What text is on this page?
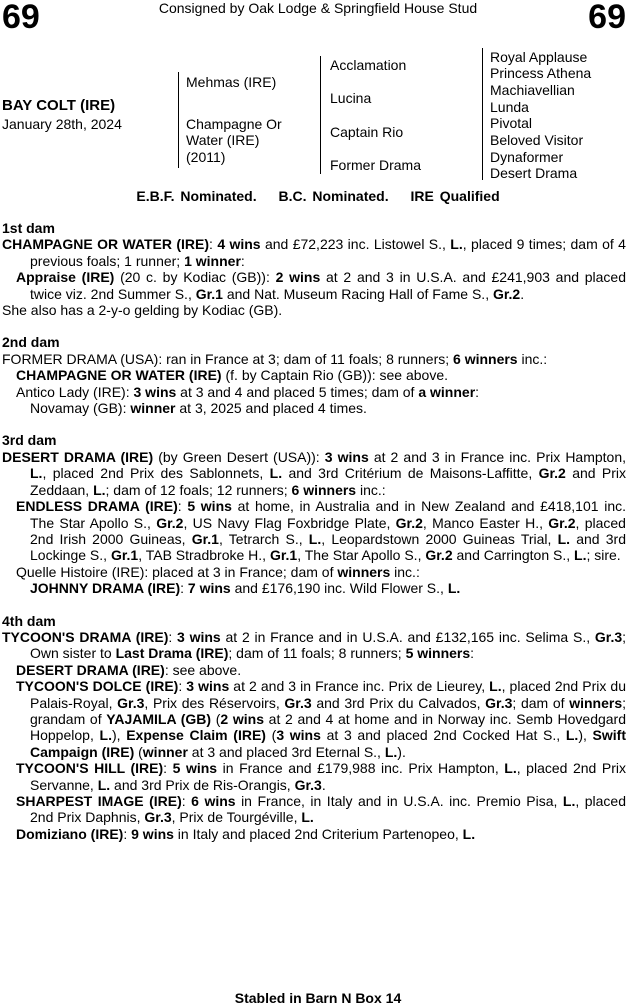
69	Consigned by Oak Lodge & Springfield House Stud	69
BAY COLT (IRE)
January 28th, 2024
Mehmas (IRE)
Champagne Or
Water (IRE)
(2011)
Acclamation
Lucina
Captain Rio
Former Drama
Royal Applause
Princess Athena
Machiavellian
Lunda
Pivotal
Beloved Visitor
Dynaformer
Desert Drama
E.B.F. Nominated. B.C. Nominated. IRE Qualified
1st dam

CHAMPAGNE OR WATER (IRE): 4 wins and £72,223 inc. Listowel S., L., placed 9 times; dam of 4 previous foals; 1 runner; 1 winner:

Appraise (IRE) (20 c. by Kodiac (GB)): 2 wins at 2 and 3 in U.S.A. and £241,903 and placed twice viz. 2nd Summer S., Gr.1 and Nat. Museum Racing Hall of Fame S., Gr.2.

She also has a 2-y-o gelding by Kodiac (GB).

2nd dam

FORMER DRAMA (USA): ran in France at 3; dam of 11 foals; 8 runners; 6 winners inc.:

CHAMPAGNE OR WATER (IRE) (f. by Captain Rio (GB)): see above.

Antico Lady (IRE): 3 wins at 3 and 4 and placed 5 times; dam of a winner:

Novamay (GB): winner at 3, 2025 and placed 4 times.

3rd dam

DESERT DRAMA (IRE) (by Green Desert (USA)): 3 wins at 2 and 3 in France inc. Prix Hampton, L., placed 2nd Prix des Sablonnets, L. and 3rd Critérium de Maisons-Laffitte, Gr.2 and Prix Zeddaan, L.; dam of 12 foals; 12 runners; 6 winners inc.:

ENDLESS DRAMA (IRE): 5 wins at home, in Australia and in New Zealand and £418,101 inc. The Star Apollo S., Gr.2, US Navy Flag Foxbridge Plate, Gr.2, Manco Easter H., Gr.2, placed 2nd Irish 2000 Guineas, Gr.1, Tetrarch S., L., Leopardstown 2000 Guineas Trial, L. and 3rd Lockinge S., Gr.1, TAB Stradbroke H., Gr.1, The Star Apollo S., Gr.2 and Carrington S., L.; sire.

Quelle Histoire (IRE): placed at 3 in France; dam of winners inc.:

JOHNNY DRAMA (IRE): 7 wins and £176,190 inc. Wild Flower S., L.

4th dam

TYCOON'S DRAMA (IRE): 3 wins at 2 in France and in U.S.A. and £132,165 inc. Selima S., Gr.3; Own sister to Last Drama (IRE); dam of 11 foals; 8 runners; 5 winners:

DESERT DRAMA (IRE): see above.

TYCOON'S DOLCE (IRE): 3 wins at 2 and 3 in France inc. Prix de Lieurey, L., placed 2nd Prix du Palais-Royal, Gr.3, Prix des Réservoirs, Gr.3 and 3rd Prix du Calvados, Gr.3; dam of winners; grandam of YAJAMILA (GB) (2 wins at 2 and 4 at home and in Norway inc. Semb Hovedgard Hoppelop, L.), Expense Claim (IRE) (3 wins at 3 and placed 2nd Cocked Hat S., L.), Swift Campaign (IRE) (winner at 3 and placed 3rd Eternal S., L.).

TYCOON'S HILL (IRE): 5 wins in France and £179,988 inc. Prix Hampton, L., placed 2nd Prix Servanne, L. and 3rd Prix de Ris-Orangis, Gr.3.

SHARPEST IMAGE (IRE): 6 wins in France, in Italy and in U.S.A. inc. Premio Pisa, L., placed 2nd Prix Daphnis, Gr.3, Prix de Tourgéville, L.

Domiziano (IRE): 9 wins in Italy and placed 2nd Criterium Partenopeo, L.

Stabled in Barn N Box 14
